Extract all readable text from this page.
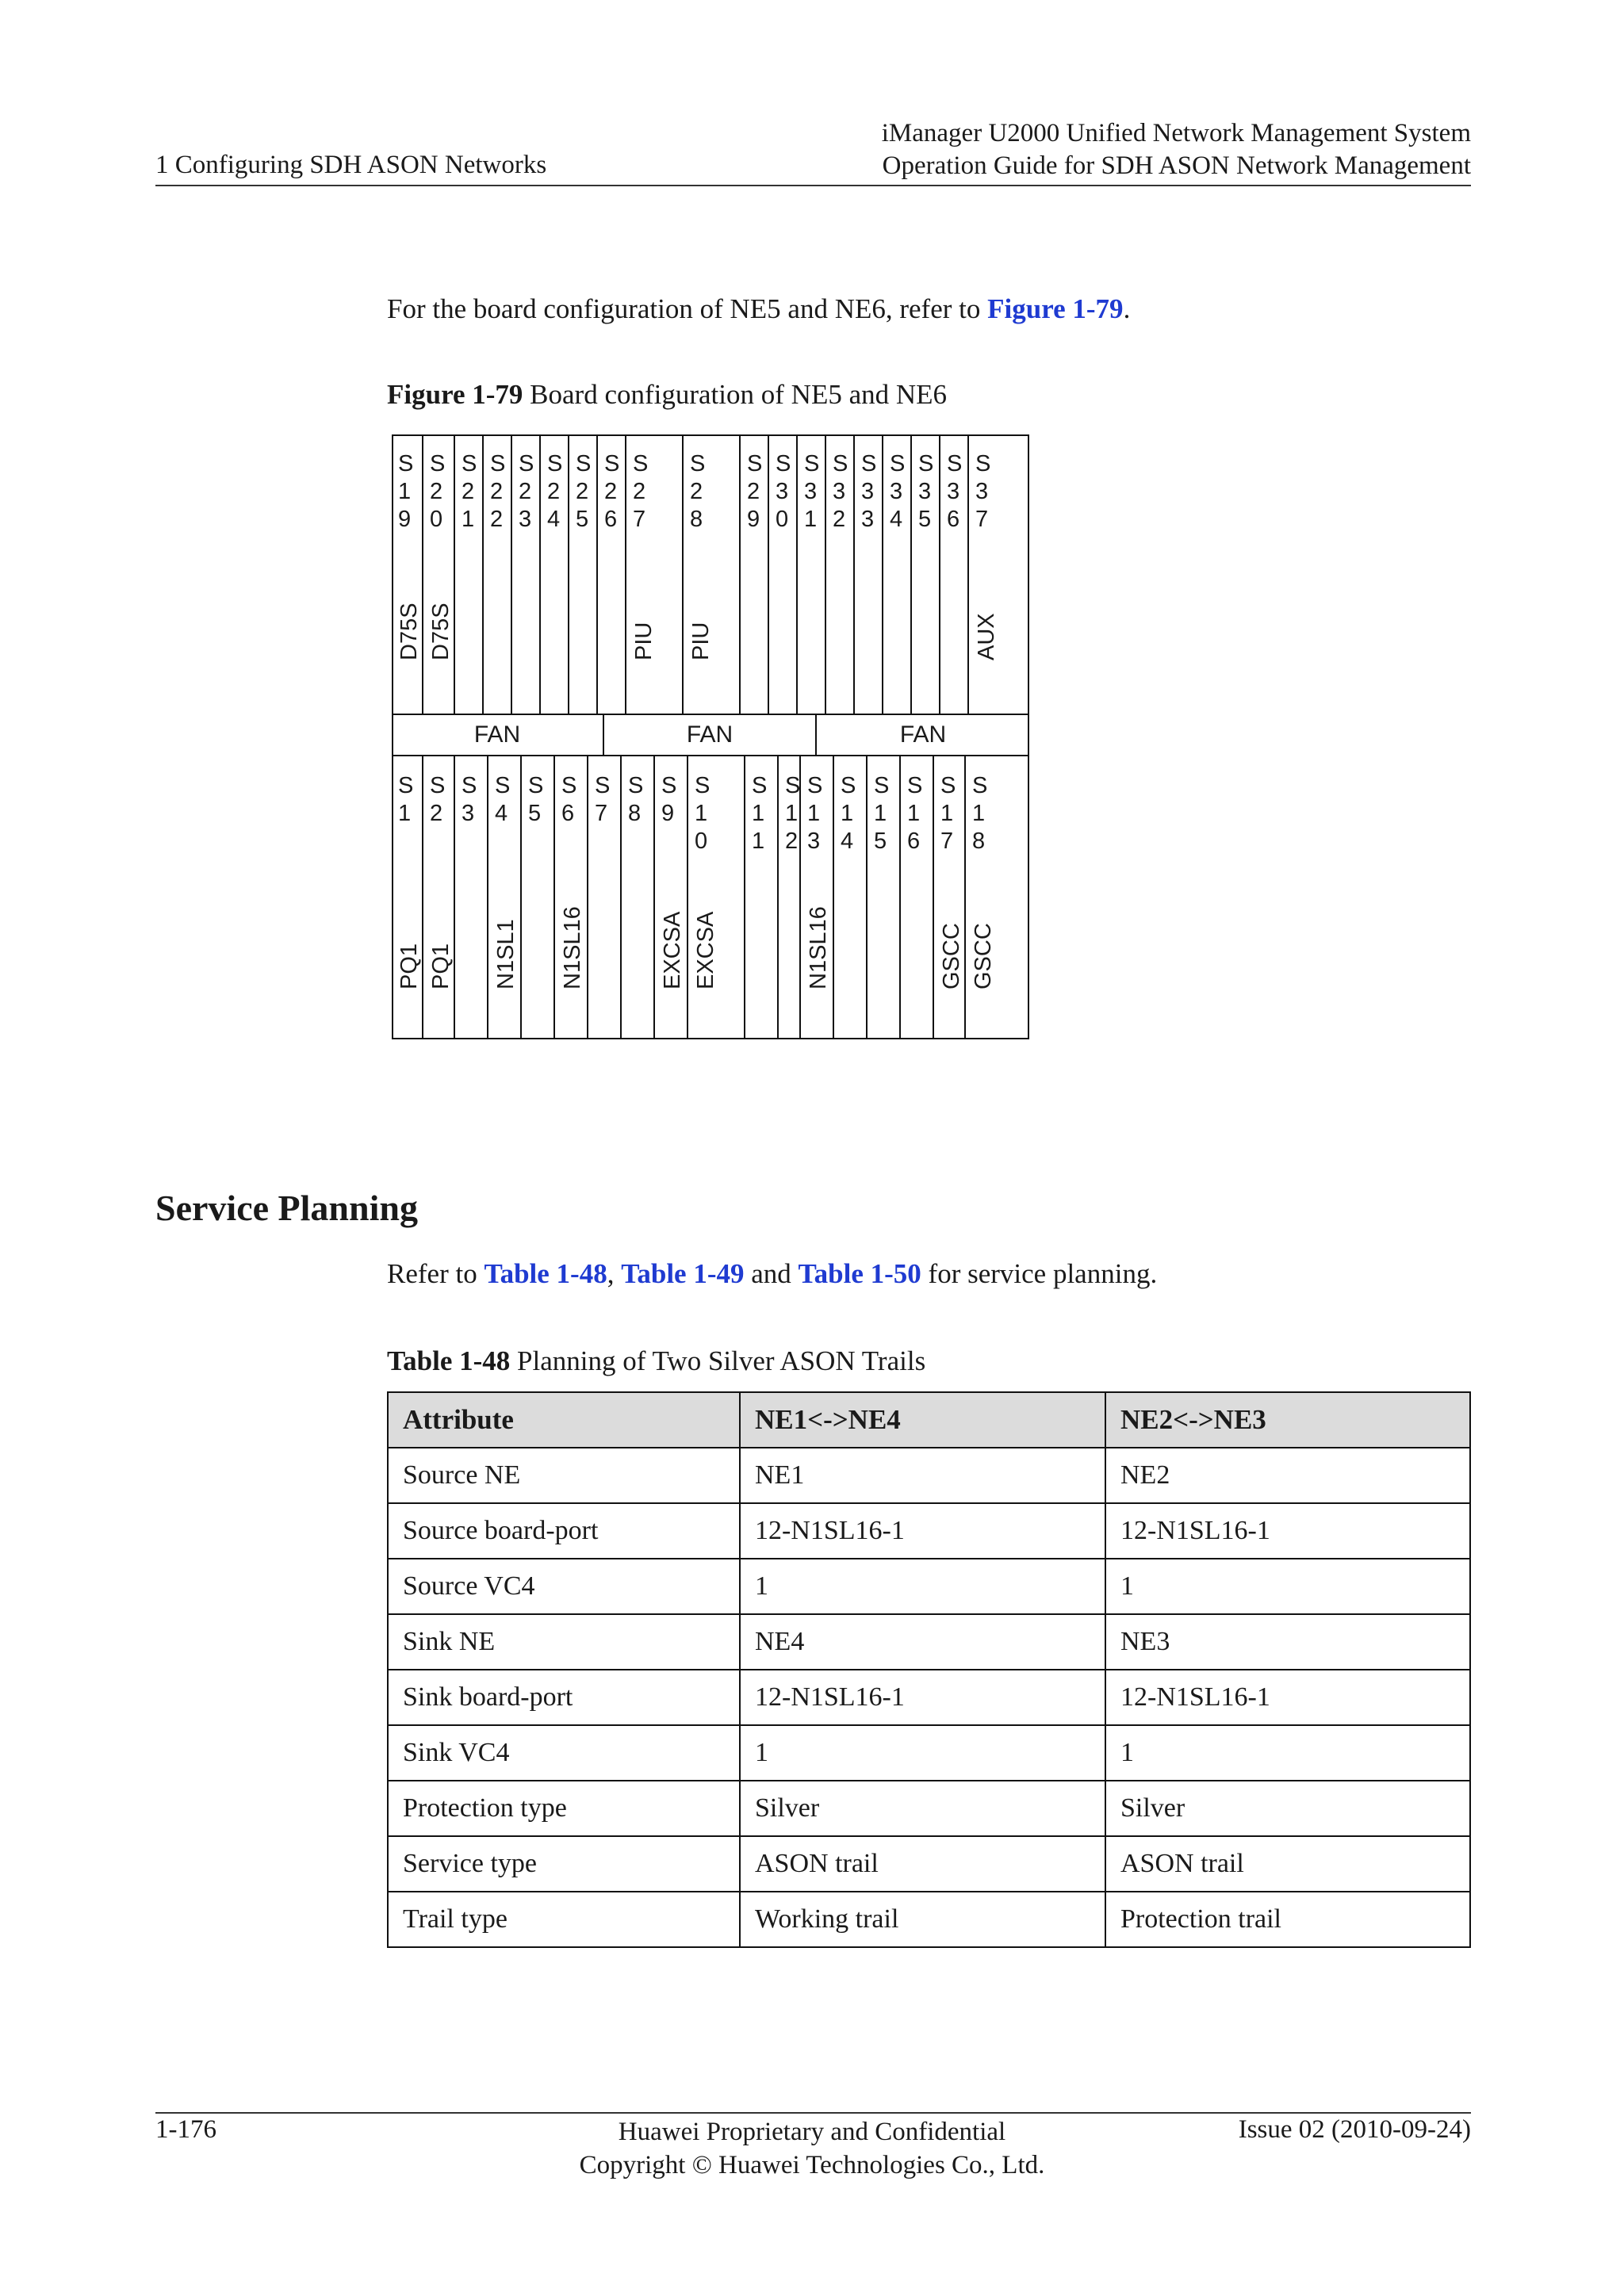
1 Configuring SDH ASON Networks
iManager U2000 Unified Network Management System
Operation Guide for SDH ASON Network Management
For the board configuration of NE5 and NE6, refer to Figure 1-79.
Figure 1-79 Board configuration of NE5 and NE6
S
1
9
D75S
S
2
0
D75S
S
2
1
S
2
2
S
2
3
S
2
4
S
2
5
S
2
6
S
2
7
PIU
S
2
8
PIU
S
2
9
S
3
0
S
3
1
S
3
2
S
3
3
S
3
4
S
3
5
S
3
6
S
3
7
AUX
FAN	FAN	FAN
S
1
PQ1
S
2
PQ1
S
3
S
4
N1SL1
S
5
S
6
N1SL16
S
7
S
8
S
9
EXCSA
S
1
0
EXCSA
S
1
1
S
1
2
S
1
3
N1SL16
S
1
4
S
1
5
S
1
6
S
1
7
GSCC
S
1
8
GSCC
Service Planning
Refer to Table 1-48, Table 1-49 and Table 1-50 for service planning.
Table 1-48 Planning of Two Silver ASON Trails
Attribute	NE1<->NE4	NE2<->NE3
Source NE	NE1	NE2
Source board-port	12-N1SL16-1	12-N1SL16-1
Source VC4	1	1
Sink NE	NE4	NE3
Sink board-port	12-N1SL16-1	12-N1SL16-1
Sink VC4	1	1
Protection type	Silver	Silver
Service type	ASON trail	ASON trail
Trail type	Working trail	Protection trail
1-176	Huawei Proprietary and Confidential
Copyright © Huawei Technologies Co., Ltd.
Issue 02 (2010-09-24)
